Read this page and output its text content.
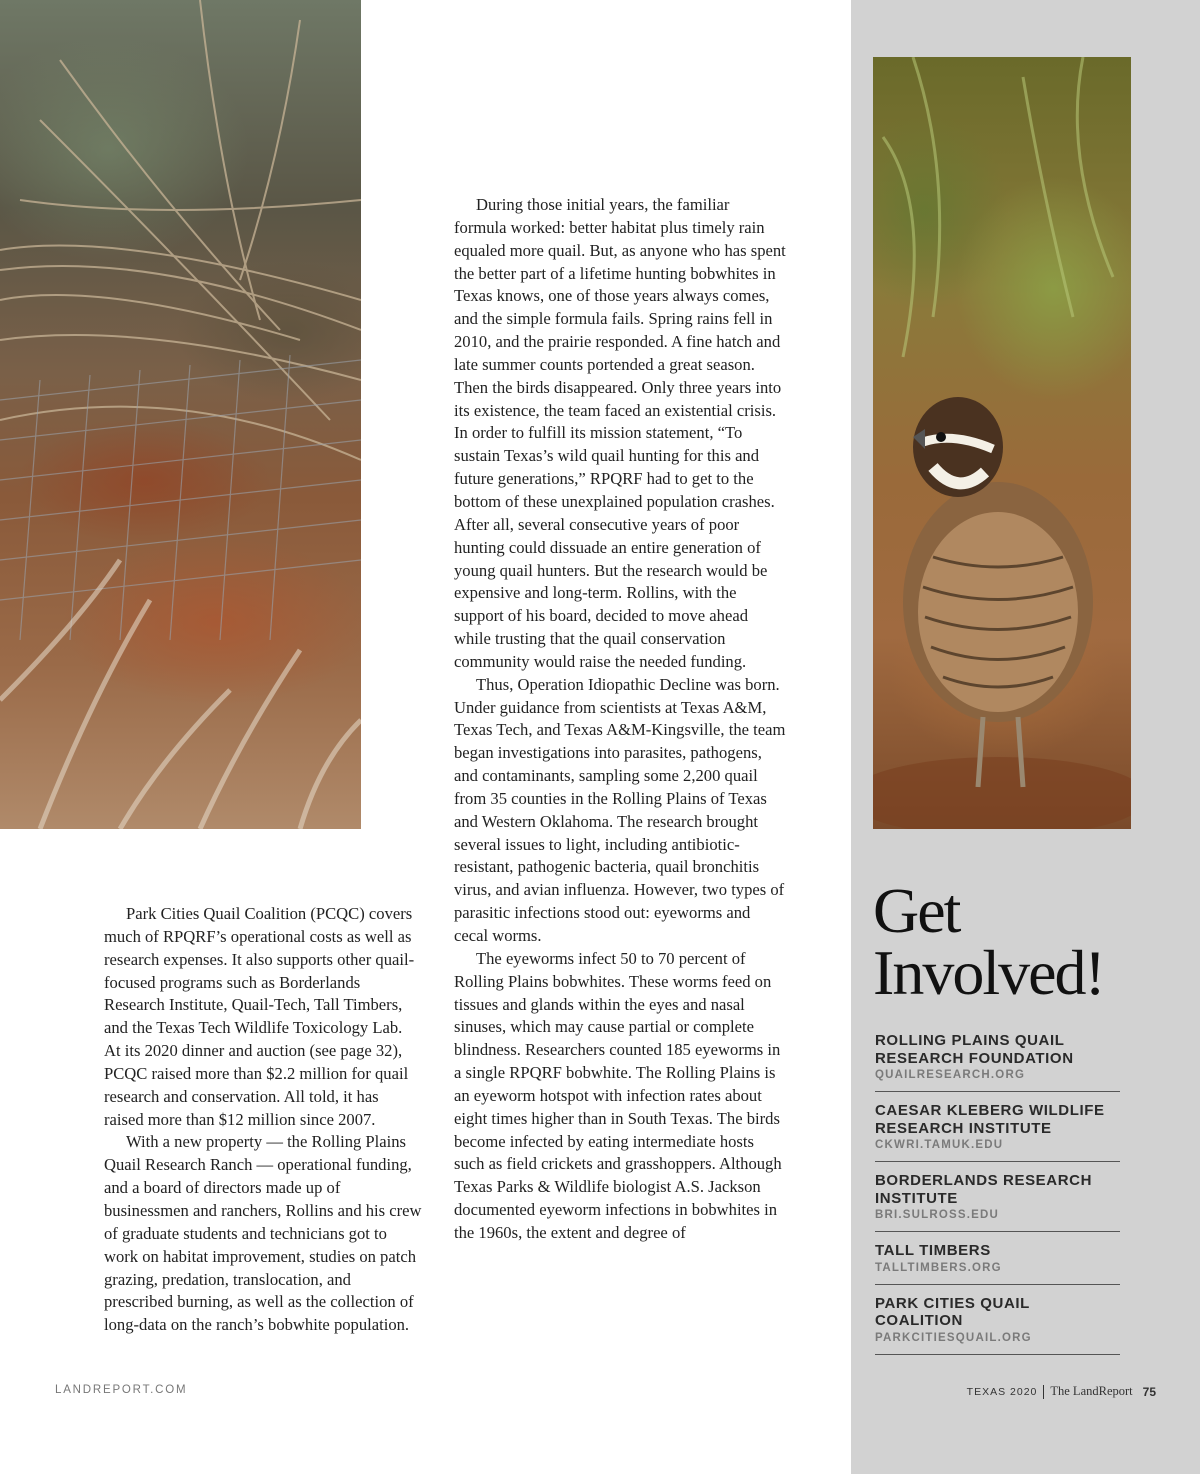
During those initial years, the familiar formula worked: better habitat plus timely rain equaled more quail. But, as anyone who has spent the better part of a lifetime hunting bobwhites in Texas knows, one of those years always comes, and the simple formula fails. Spring rains fell in 2010, and the prairie responded. A fine hatch and late summer counts portended a great season. Then the birds disappeared. Only three years into its existence, the team faced an existential crisis. In order to fulfill its mission statement, “To sustain Texas’s wild quail hunting for this and future generations,” RPQRF had to get to the bottom of these unexplained population crashes. After all, several consecutive years of poor hunting could dissuade an entire generation of young quail hunters. But the research would be expensive and long-term. Rollins, with the support of his board, decided to move ahead while trusting that the quail conservation community would raise the needed funding.

Thus, Operation Idiopathic Decline was born. Under guidance from scientists at Texas A&M, Texas Tech, and Texas A&M-Kingsville, the team began investigations into parasites, pathogens, and contaminants, sampling some 2,200 quail from 35 counties in the Rolling Plains of Texas and Western Oklahoma. The research brought several issues to light, including antibiotic-resistant, pathogenic bacteria, quail bronchitis virus, and avian influenza. However, two types of parasitic infections stood out: eyeworms and cecal worms.

The eyeworms infect 50 to 70 percent of Rolling Plains bobwhites. These worms feed on tissues and glands within the eyes and nasal sinuses, which may cause partial or complete blindness. Researchers counted 185 eyeworms in a single RPQRF bobwhite. The Rolling Plains is an eyeworm hotspot with infection rates about eight times higher than in South Texas. The birds become infected by eating intermediate hosts such as field crickets and grasshoppers. Although Texas Parks & Wildlife biologist A.S. Jackson documented eyeworm infections in bobwhites in the 1960s, the extent and degree of

Park Cities Quail Coalition (PCQC) covers much of RPQRF’s operational costs as well as research expenses. It also supports other quail-focused programs such as Borderlands Research Institute, Quail-Tech, Tall Timbers, and the Texas Tech Wildlife Toxicology Lab. At its 2020 dinner and auction (see page 32), PCQC raised more than $2.2 million for quail research and conservation. All told, it has raised more than $12 million since 2007.

With a new property — the Rolling Plains Quail Research Ranch — operational funding, and a board of directors made up of businessmen and ranchers, Rollins and his crew of graduate students and technicians got to work on habitat improvement, studies on patch grazing, predation, translocation, and prescribed burning, as well as the collection of long-data on the ranch’s bobwhite population.

Get
Involved!
ROLLING PLAINS QUAIL RESEARCH FOUNDATION
QUAILRESEARCH.ORG
CAESAR KLEBERG WILDLIFE RESEARCH INSTITUTE
CKWRI.TAMUK.EDU
BORDERLANDS RESEARCH INSTITUTE
BRI.SULROSS.EDU
TALL TIMBERS
TALLTIMBERS.ORG
PARK CITIES QUAIL COALITION
PARKCITIESQUAIL.ORG
LANDREPORT.COM	TEXAS 2020 The LandReport 75
